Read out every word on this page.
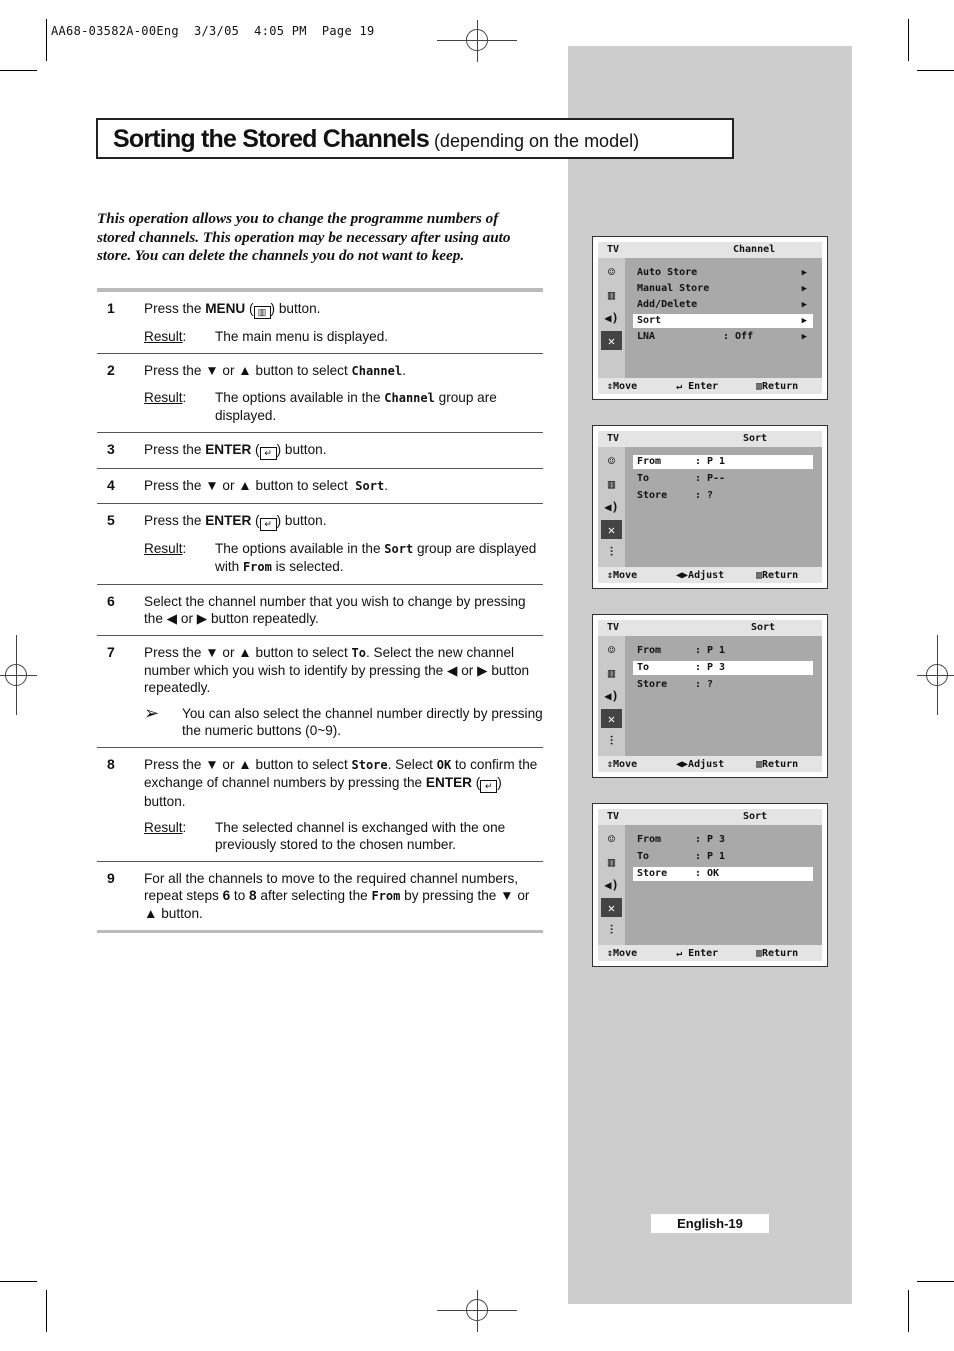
AA68-03582A-00Eng  3/3/05  4:05 PM  Page 19
Sorting the Stored Channels (depending on the model)
This operation allows you to change the programme numbers of stored channels. This operation may be necessary after using auto store. You can delete the channels you do not want to keep.
1 Press the MENU ( ▥ ) button.
Result:	The main menu is displayed.
2 Press the ▼ or ▲ button to select Channel.
Result:	The options available in the Channel group are displayed.
3 Press the ENTER ( ↵ ) button.
4 Press the ▼ or ▲ button to select  Sort.
5 Press the ENTER ( ↵ ) button.
Result:	The options available in the Sort group are displayed with From is selected.
6 Select the channel number that you wish to change by pressing the ◀ or ▶ button repeatedly.
7 Press the ▼ or ▲ button to select To. Select the new channel number which you wish to identify by pressing the ◀ or ▶ button repeatedly.
➢	You can also select the channel number directly by pressing the numeric buttons (0~9).
8 Press the ▼ or ▲ button to select Store. Select OK to confirm the exchange of channel numbers by pressing the ENTER ( ↵ ) button.
Result:	The selected channel is exchanged with the one previously stored to the chosen number.
9 For all the channels to move to the required channel numbers, repeat steps 6 to 8 after selecting the From by pressing the ▼ or ▲ button.
TV	Channel
☺
▥
◀)
✕
Auto Store	▶
Manual Store	▶
Add/Delete	▶
Sort	▶
LNA	: Off	▶
⇕Move	↵ Enter	▥Return
TV	Sort
☺
▥
◀)
✕
⫶
From	: P 1
To	: P--
Store	: ?
⇕Move	◀▶Adjust	▥Return
TV	Sort
☺
▥
◀)
✕
⫶
From	: P 1
To	: P 3
Store	: ?
⇕Move	◀▶Adjust	▥Return
TV	Sort
☺
▥
◀)
✕
⫶
From	: P 3
To	: P 1
Store	: OK
⇕Move	↵ Enter	▥Return
English-19
